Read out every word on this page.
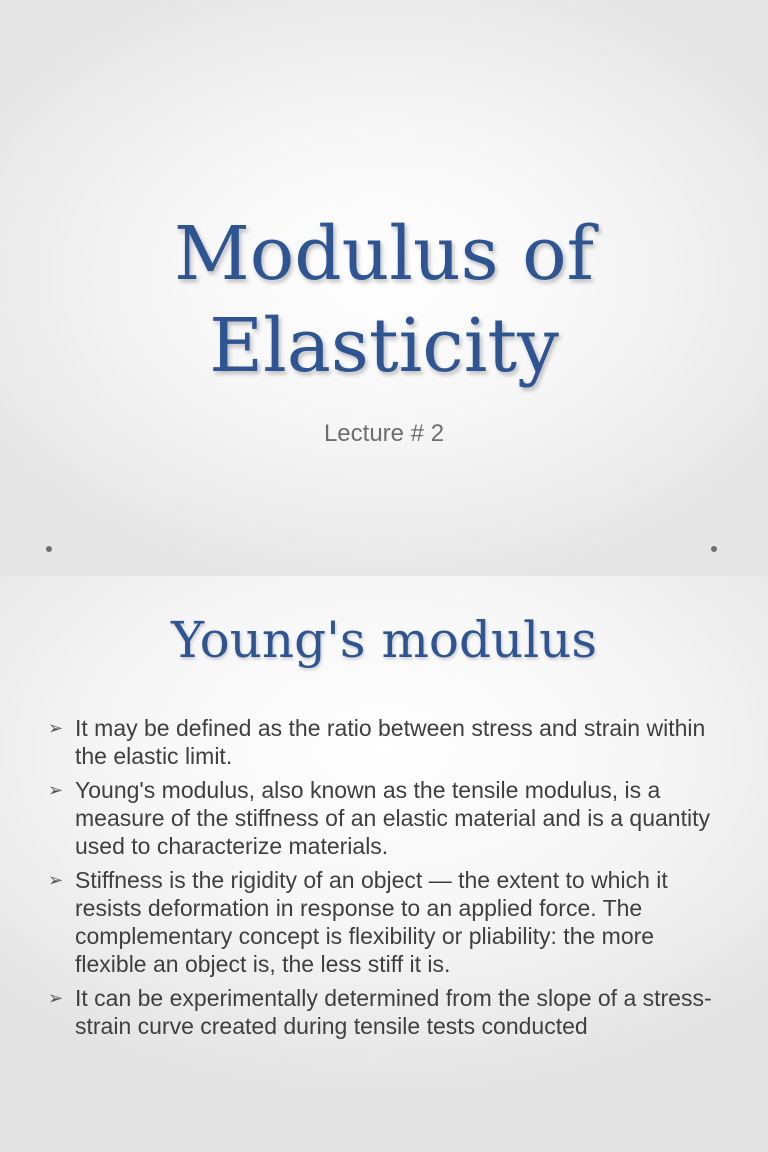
Modulus of
Elasticity
Lecture # 2
Young's modulus
➢ It may be defined as the ratio between stress and strain within the elastic limit.
➢ Young's modulus, also known as the tensile modulus, is a measure of the stiffness of an elastic material and is a quantity used to characterize materials.
➢ Stiffness is the rigidity of an object — the extent to which it resists deformation in response to an applied force. The complementary concept is flexibility or pliability: the more flexible an object is, the less stiff it is.
➢ It can be experimentally determined from the slope of a stress-strain curve created during tensile tests conducted
